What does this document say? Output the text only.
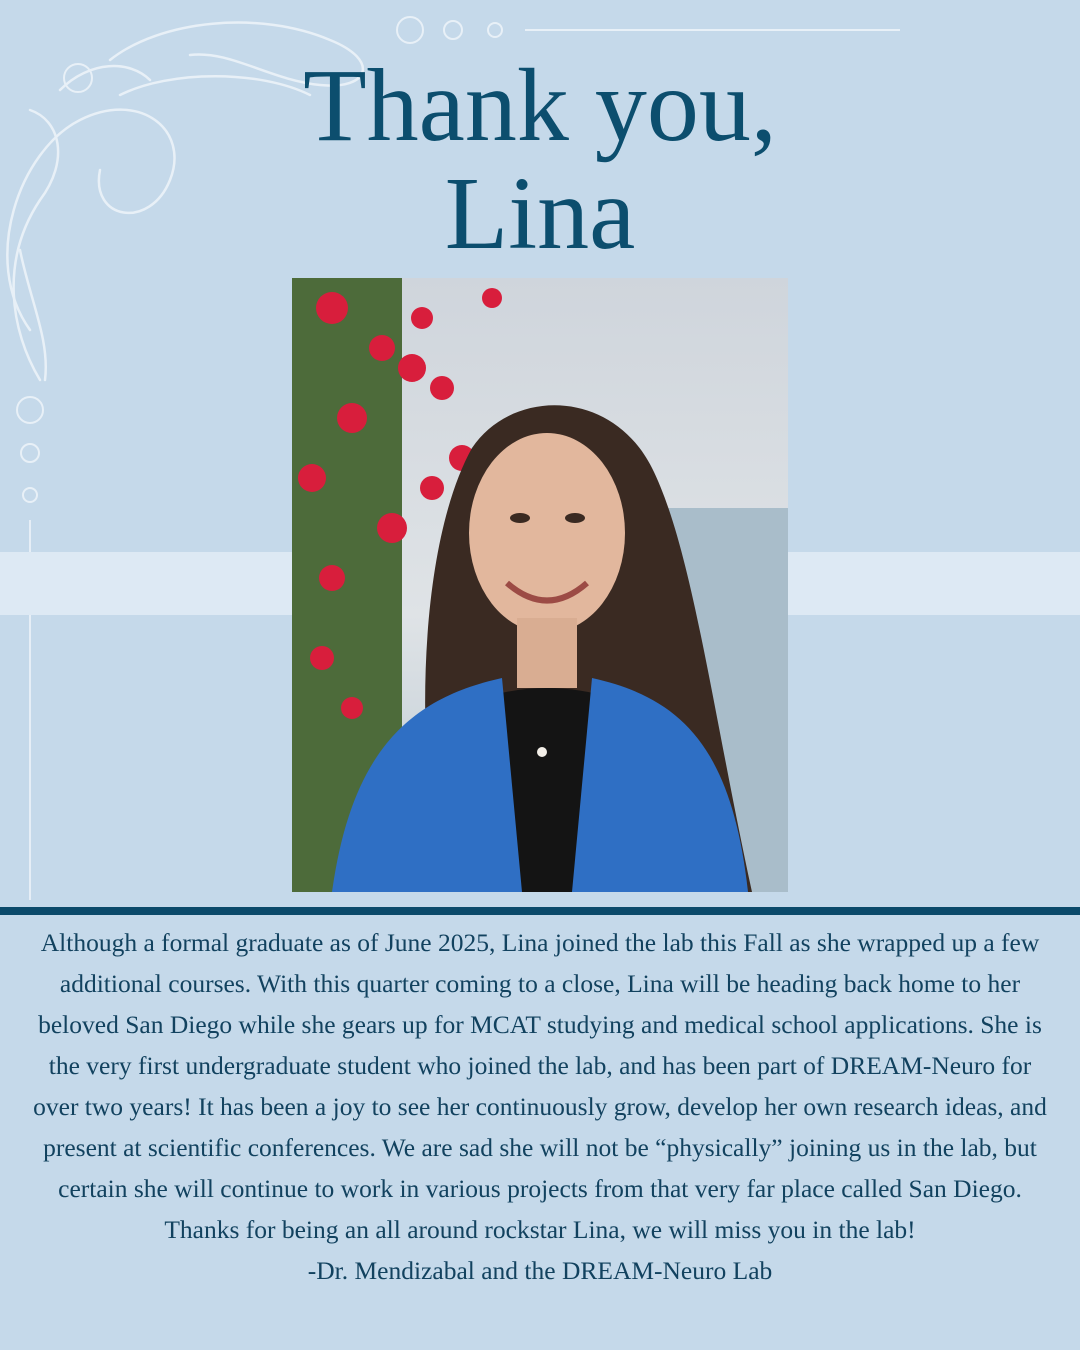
Thank you,
Lina

Although a formal graduate as of June 2025, Lina joined the lab this Fall as she wrapped up a few additional courses. With this quarter coming to a close, Lina will be heading back home to her beloved San Diego while she gears up for MCAT studying and medical school applications. She is the very first undergraduate student who joined the lab, and has been part of DREAM-Neuro for over two years! It has been a joy to see her continuously grow, develop her own research ideas, and present at scientific conferences. We are sad she will not be “physically” joining us in the lab, but certain she will continue to work in various projects from that very far place called San Diego.

Thanks for being an all around rockstar Lina, we will miss you in the lab!

-Dr. Mendizabal and the DREAM-Neuro Lab
